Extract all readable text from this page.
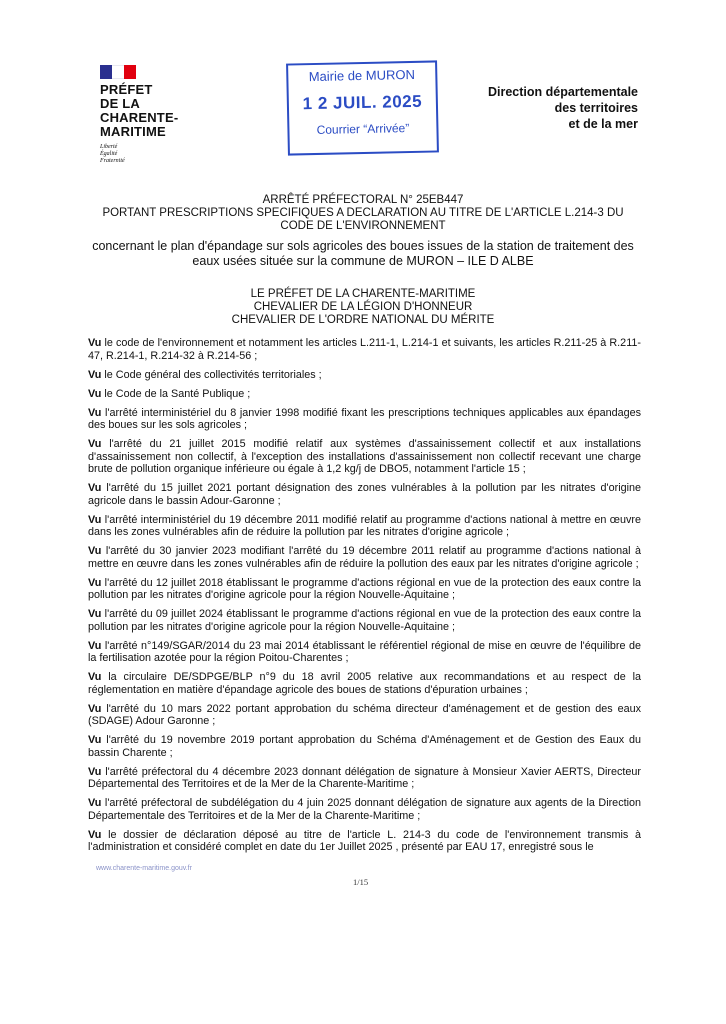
PRÉFET
DE LA
CHARENTE-
MARITIME
Liberté
Égalité
Fraternité
Mairie de MURON
1 2 JUIL. 2025
Courrier “Arrivée”
Direction départementale
des territoires
et de la mer
ARRÊTÉ PRÉFECTORAL N° 25EB447
PORTANT PRESCRIPTIONS SPECIFIQUES A DECLARATION AU TITRE DE L'ARTICLE L.214-3 DU
CODE DE L'ENVIRONNEMENT
concernant le plan d'épandage sur sols agricoles des boues issues de la station de traitement des eaux usées située sur la commune de MURON – ILE D ALBE
LE PRÉFET DE LA CHARENTE-MARITIME
CHEVALIER DE LA LÉGION D'HONNEUR
CHEVALIER DE L'ORDRE NATIONAL DU MÉRITE

Vu le code de l'environnement et notamment les articles L.211-1, L.214-1 et suivants, les articles R.211-25 à R.211-47, R.214-1, R.214-32 à R.214-56 ;

Vu le Code général des collectivités territoriales ;

Vu le Code de la Santé Publique ;

Vu l'arrêté interministériel du 8 janvier 1998 modifié fixant les prescriptions techniques applicables aux épandages des boues sur les sols agricoles ;

Vu l'arrêté du 21 juillet 2015 modifié relatif aux systèmes d'assainissement collectif et aux installations d'assainissement non collectif, à l'exception des installations d'assainissement non collectif recevant une charge brute de pollution organique inférieure ou égale à 1,2 kg/j de DBO5, notamment l'article 15 ;

Vu l'arrêté du 15 juillet 2021 portant désignation des zones vulnérables à la pollution par les nitrates d'origine agricole dans le bassin Adour-Garonne ;

Vu l'arrêté interministériel du 19 décembre 2011 modifié relatif au programme d'actions national à mettre en œuvre dans les zones vulnérables afin de réduire la pollution par les nitrates d'origine agricole ;

Vu l'arrêté du 30 janvier 2023 modifiant l'arrêté du 19 décembre 2011 relatif au programme d'actions national à mettre en œuvre dans les zones vulnérables afin de réduire la pollution des eaux par les nitrates d'origine agricole ;

Vu l'arrêté du 12 juillet 2018 établissant le programme d'actions régional en vue de la protection des eaux contre la pollution par les nitrates d'origine agricole pour la région Nouvelle-Aquitaine ;

Vu l'arrêté du 09 juillet 2024 établissant le programme d'actions régional en vue de la protection des eaux contre la pollution par les nitrates d'origine agricole pour la région Nouvelle-Aquitaine ;

Vu l'arrêté n°149/SGAR/2014 du 23 mai 2014 établissant le référentiel régional de mise en œuvre de l'équilibre de la fertilisation azotée pour la région Poitou-Charentes ;

Vu la circulaire DE/SDPGE/BLP n°9 du 18 avril 2005 relative aux recommandations et au respect de la réglementation en matière d'épandage agricole des boues de stations d'épuration urbaines ;

Vu l'arrêté du 10 mars 2022 portant approbation du schéma directeur d'aménagement et de gestion des eaux (SDAGE) Adour Garonne ;

Vu l'arrêté du 19 novembre 2019 portant approbation du Schéma d'Aménagement et de Gestion des Eaux du bassin Charente ;

Vu l'arrêté préfectoral du 4 décembre 2023 donnant délégation de signature à Monsieur Xavier AERTS, Directeur Départemental des Territoires et de la Mer de la Charente-Maritime ;

Vu l'arrêté préfectoral de subdélégation du 4 juin 2025 donnant délégation de signature aux agents de la Direction Départementale des Territoires et de la Mer de la Charente-Maritime ;

Vu le dossier de déclaration déposé au titre de l'article L. 214-3 du code de l'environnement transmis à l'administration et considéré complet en date du 1er Juillet 2025 , présenté par EAU 17, enregistré sous le

www.charente-maritime.gouv.fr
1/15
